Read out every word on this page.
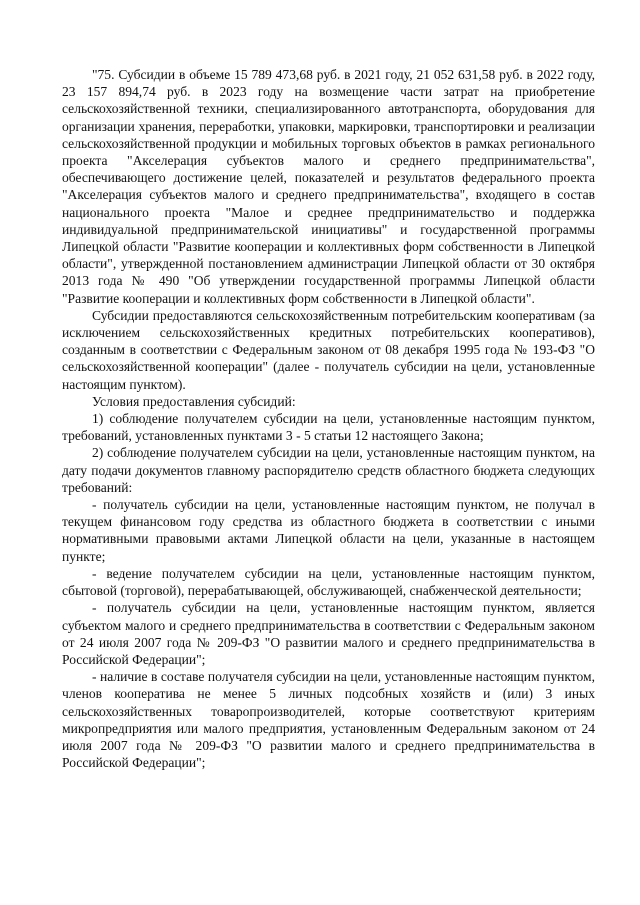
"75. Субсидии в объеме 15 789 473,68 руб. в 2021 году, 21 052 631,58 руб. в 2022 году, 23 157 894,74 руб. в 2023 году на возмещение части затрат на приобретение сельскохозяйственной техники, специализированного автотранспорта, оборудования для организации хранения, переработки, упаковки, маркировки, транспортировки и реализации сельскохозяйственной продукции и мобильных торговых объектов в рамках регионального проекта "Акселерация субъектов малого и среднего предпринимательства", обеспечивающего достижение целей, показателей и результатов федерального проекта "Акселерация субъектов малого и среднего предпринимательства", входящего в состав национального проекта "Малое и среднее предпринимательство и поддержка индивидуальной предпринимательской инициативы" и государственной программы Липецкой области "Развитие кооперации и коллективных форм собственности в Липецкой области", утвержденной постановлением администрации Липецкой области от 30 октября 2013 года № 490 "Об утверждении государственной программы Липецкой области "Развитие кооперации и коллективных форм собственности в Липецкой области".

Субсидии предоставляются сельскохозяйственным потребительским кооперативам (за исключением сельскохозяйственных кредитных потребительских кооперативов), созданным в соответствии с Федеральным законом от 08 декабря 1995 года № 193-ФЗ "О сельскохозяйственной кооперации" (далее - получатель субсидии на цели, установленные настоящим пунктом).

Условия предоставления субсидий:

1) соблюдение получателем субсидии на цели, установленные настоящим пунктом, требований, установленных пунктами 3 - 5 статьи 12 настоящего Закона;

2) соблюдение получателем субсидии на цели, установленные настоящим пунктом, на дату подачи документов главному распорядителю средств областного бюджета следующих требований:

- получатель субсидии на цели, установленные настоящим пунктом, не получал в текущем финансовом году средства из областного бюджета в соответствии с иными нормативными правовыми актами Липецкой области на цели, указанные в настоящем пункте;

- ведение получателем субсидии на цели, установленные настоящим пунктом, сбытовой (торговой), перерабатывающей, обслуживающей, снабженческой деятельности;

- получатель субсидии на цели, установленные настоящим пунктом, является субъектом малого и среднего предпринимательства в соответствии с Федеральным законом от 24 июля 2007 года № 209-ФЗ "О развитии малого и среднего предпринимательства в Российской Федерации";

- наличие в составе получателя субсидии на цели, установленные настоящим пунктом, членов кооператива не менее 5 личных подсобных хозяйств и (или) 3 иных сельскохозяйственных товаропроизводителей, которые соответствуют критериям микропредприятия или малого предприятия, установленным Федеральным законом от 24 июля 2007 года № 209-ФЗ "О развитии малого и среднего предпринимательства в Российской Федерации";
